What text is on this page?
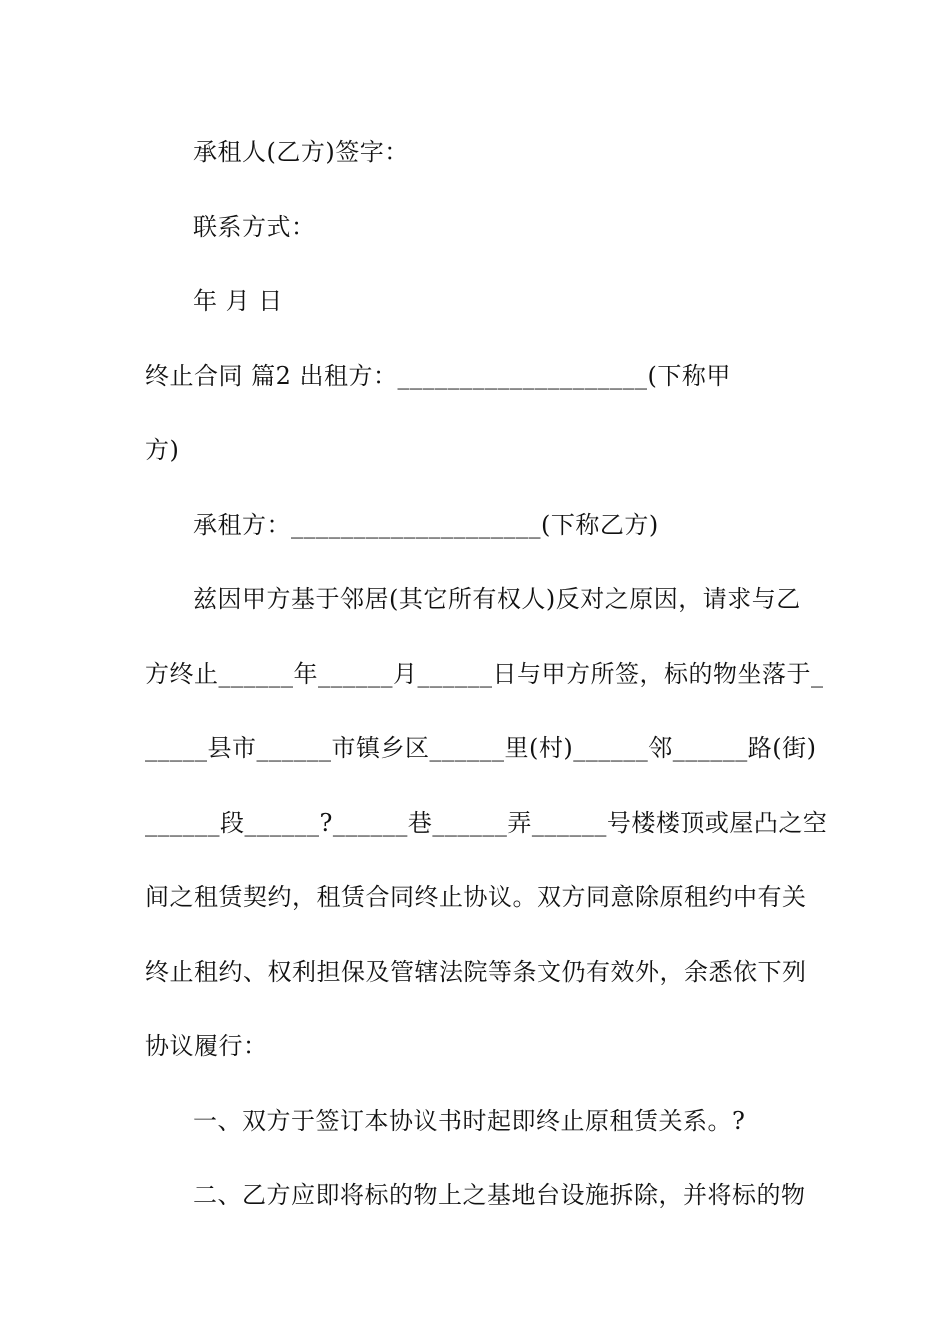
承租人(乙方)签字：
联系方式：
年 月 日
终止合同 篇2 出租方：____________________(下称甲
方)
承租方：____________________(下称乙方)
兹因甲方基于邻居(其它所有权人)反对之原因，请求与乙
方终止______年______月______日与甲方所签，标的物坐落于_
_____县市______市镇乡区______里(村)______邻______路(街)
______段______?______巷______弄______号楼楼顶或屋凸之空
间之租赁契约，租赁合同终止协议。双方同意除原租约中有关
终止租约、权利担保及管辖法院等条文仍有效外，余悉依下列
协议履行：
一、双方于签订本协议书时起即终止原租赁关系。?
二、乙方应即将标的物上之基地台设施拆除，并将标的物
